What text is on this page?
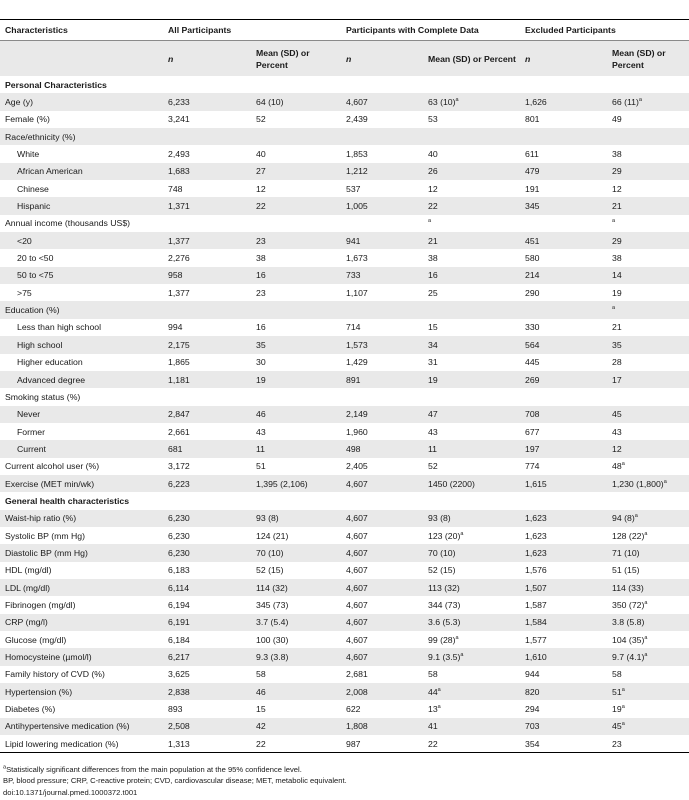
Characteristics	All Participants		Participants with Complete Data		Excluded Participants	
	n	Mean (SD) or Percent	n	Mean (SD) or Percent	n	Mean (SD) or Percent
Personal Characteristics						
Age (y)	6,233	64 (10)	4,607	63 $(10)^a$	1,626	66 $(11)^a$
Female (%)	3,241	52	2,439	53	801	49
Race/ethnicity (%)						
White	2,493	40	1,853	40	611	38
African American	1,683	27	1,212	26	479	29
Chinese	748	12	537	12	191	12
Hispanic	1,371	22	1,005	22	345	21
Annual income (thousands US$)				$^a$		$^a$
<20	1,377	23	941	21	451	29
20 to <50	2,276	38	1,673	38	580	38
50 to <75	958	16	733	16	214	14
>75	1,377	23	1,107	25	290	19
Education (%)						$^a$
Less than high school	994	16	714	15	330	21
High school	2,175	35	1,573	34	564	35
Higher education	1,865	30	1,429	31	445	28
Advanced degree	1,181	19	891	19	269	17
Smoking status (%)						
Never	2,847	46	2,149	47	708	45
Former	2,661	43	1,960	43	677	43
Current	681	11	498	11	197	12
Current alcohol user (%)	3,172	51	2,405	52	774	48$^a$
Exercise (MET min/wk)	6,223	1,395 (2,106)	4,607	1450 (2200)	1,615	1,230 $(1,800)^a$
General health characteristics						
Waist-hip ratio (%)	6,230	93 (8)	4,607	93 (8)	1,623	94 $(8)^a$
Systolic BP (mm Hg)	6,230	124 (21)	4,607	123 $(20)^a$	1,623	128 $(22)^a$
Diastolic BP (mm Hg)	6,230	70 (10)	4,607	70 (10)	1,623	71 (10)
HDL (mg/dl)	6,183	52 (15)	4,607	52 (15)	1,576	51 (15)
LDL (mg/dl)	6,114	114 (32)	4,607	113 (32)	1,507	114 (33)
Fibrinogen (mg/dl)	6,194	345 (73)	4,607	344 (73)	1,587	350 $(72)^a$
CRP (mg/l)	6,191	3.7 (5.4)	4,607	3.6 (5.3)	1,584	3.8 (5.8)
Glucose (mg/dl)	6,184	100 (30)	4,607	99 $(28)^a$	1,577	104 $(35)^a$
Homocysteine (µmol/l)	6,217	9.3 (3.8)	4,607	9.1 $(3.5)^a$	1,610	9.7 $(4.1)^a$
Family history of CVD (%)	3,625	58	2,681	58	944	58
Hypertension (%)	2,838	46	2,008	44$^a$	820	51$^a$
Diabetes (%)	893	15	622	13$^a$	294	19$^a$
Antihypertensive medication (%)	2,508	42	1,808	41	703	45$^a$
Lipid lowering medication (%)	1,313	22	987	22	354	23
$^a$Statistically significant differences from the main population at the 95% confidence level.
BP, blood pressure; CRP, C-reactive protein; CVD, cardiovascular disease; MET, metabolic equivalent.
doi:10.1371/journal.pmed.1000372.t001
